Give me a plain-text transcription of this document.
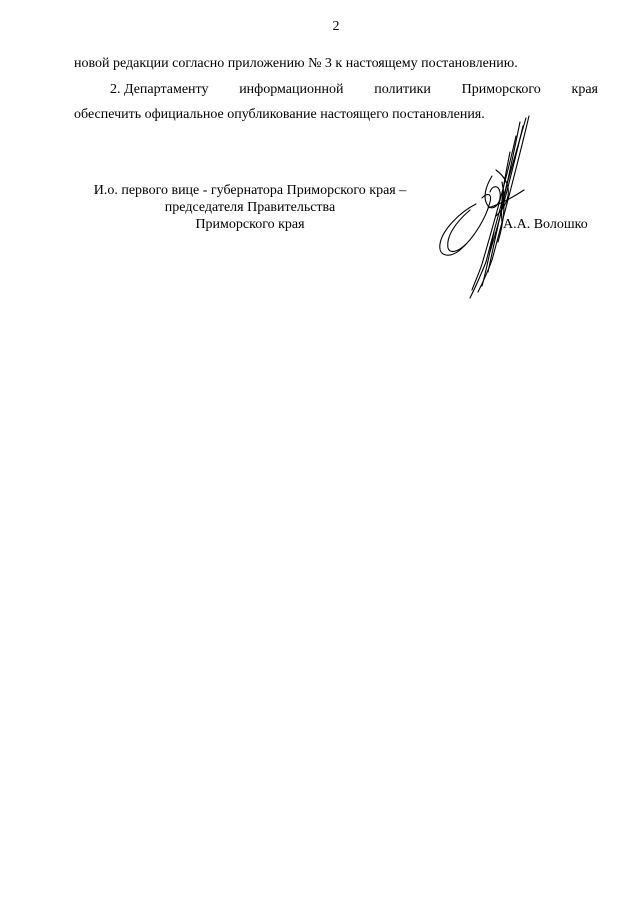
2
новой редакции согласно приложению № 3 к настоящему постановлению.
2. Департаменту информационной политики Приморского края
обеспечить официальное опубликование настоящего постановления.
И.о. первого вице - губернатора Приморского края –
председателя Правительства
Приморского края	А.А. Волошко
